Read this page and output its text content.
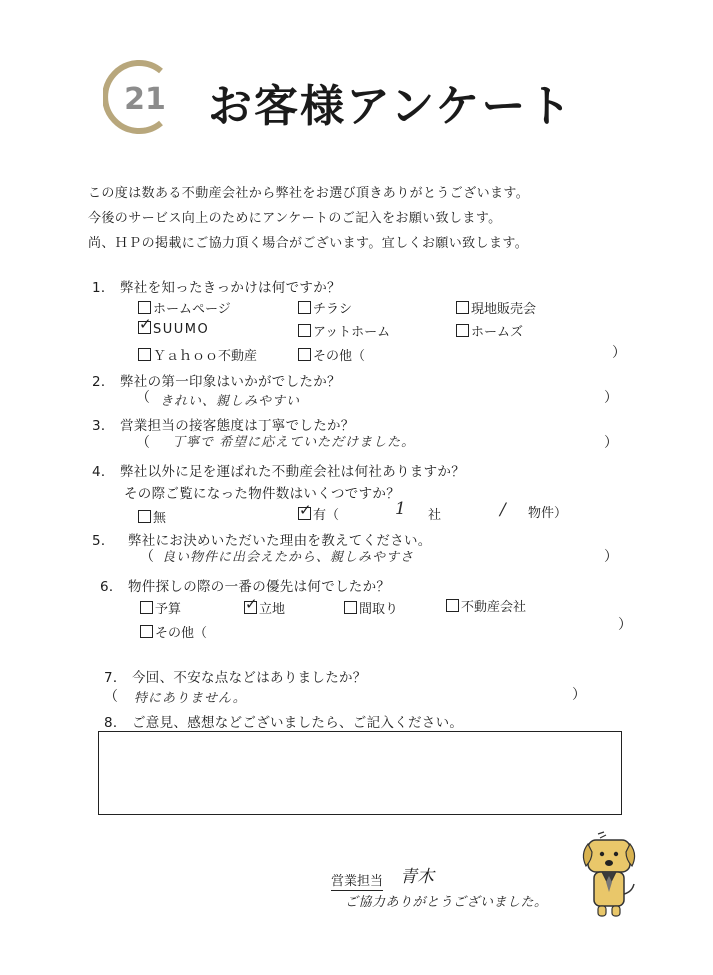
21 お客様アンケート
この度は数ある不動産会社から弊社をお選び頂きありがとうございます。
今後のサービス向上のためにアンケートのご記入をお願い致します。
尚、ＨＰの掲載にご協力頂く場合がございます。宜しくお願い致します。
1． 弊社を知ったきっかけは何ですか？
ホームページ	チラシ	現地販売会
✓SUUMO	アットホーム	ホームズ
Ｙａｈｏｏ不動産	その他（	）
2． 弊社の第一印象はいかがでしたか？
（ きれい、親しみやすい	）
3． 営業担当の接客態度は丁寧でしたか？
（ 丁寧で 希望に応えていただけました。	）
4． 弊社以外に足を運ばれた不動産会社は何社ありますか？
その際ご覧になった物件数はいくつですか？
無 ✓	有（	1 社	/ 物件）
5． 弊社にお決めいただいた理由を教えてください。
（ 良い物件に出会えたから、親しみやすさ	）
6． 物件探しの際の一番の優先は何でしたか？
予算 ✓	立地	間取り	不動産会社
その他（
）
7． 今回、不安な点などはありましたか？
（ 特にありません。	）
8． ご意見、感想などございましたら、ご記入ください。
営業担当 青木
ご協力ありがとうございました。
